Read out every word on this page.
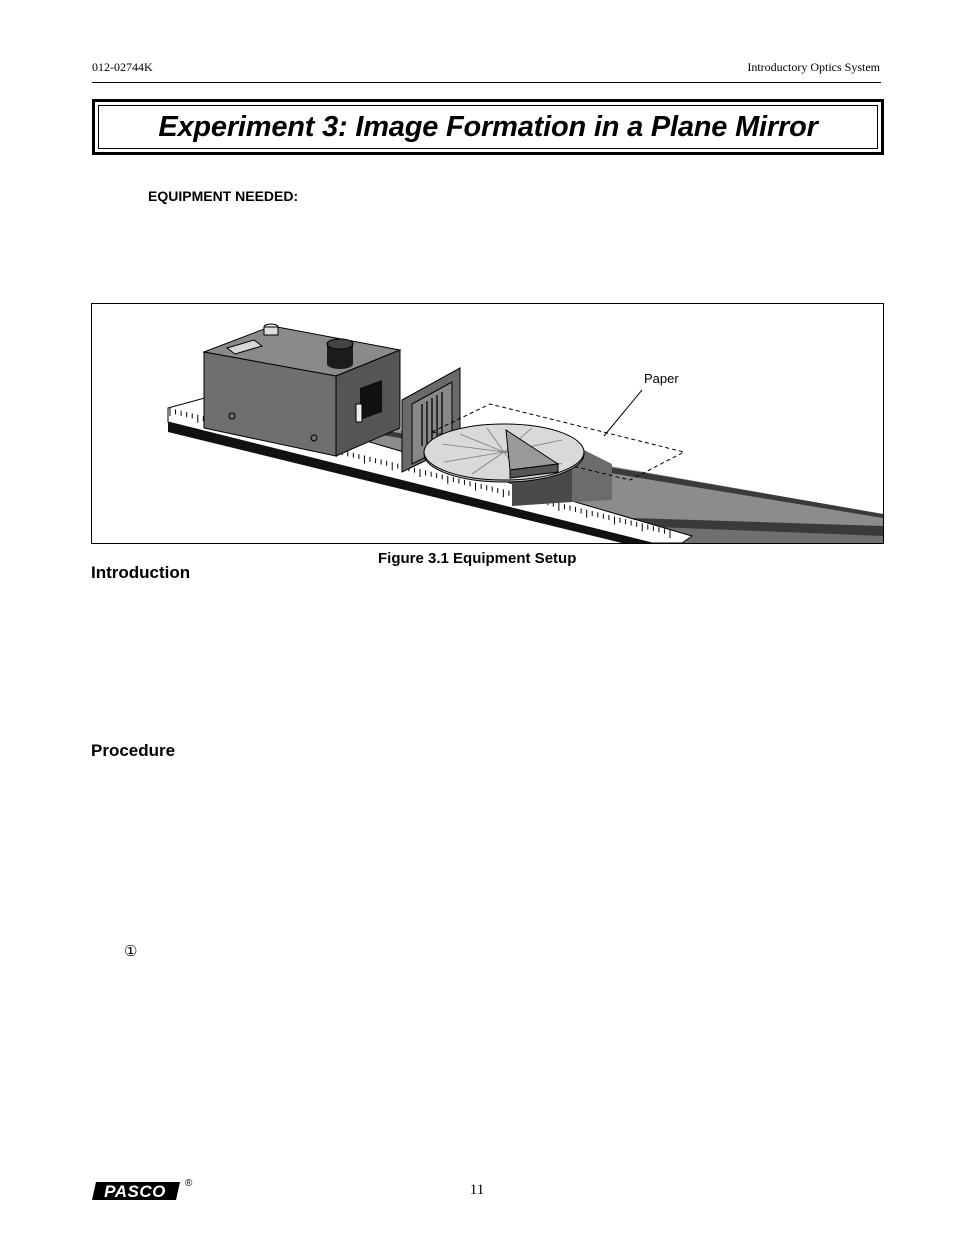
012-02744K	Introductory Optics System
Experiment 3: Image Formation in a Plane Mirror
EQUIPMENT NEEDED:
Paper
Figure 3.1 Equipment Setup
Introduction
Procedure
①
PASCO ®	11
